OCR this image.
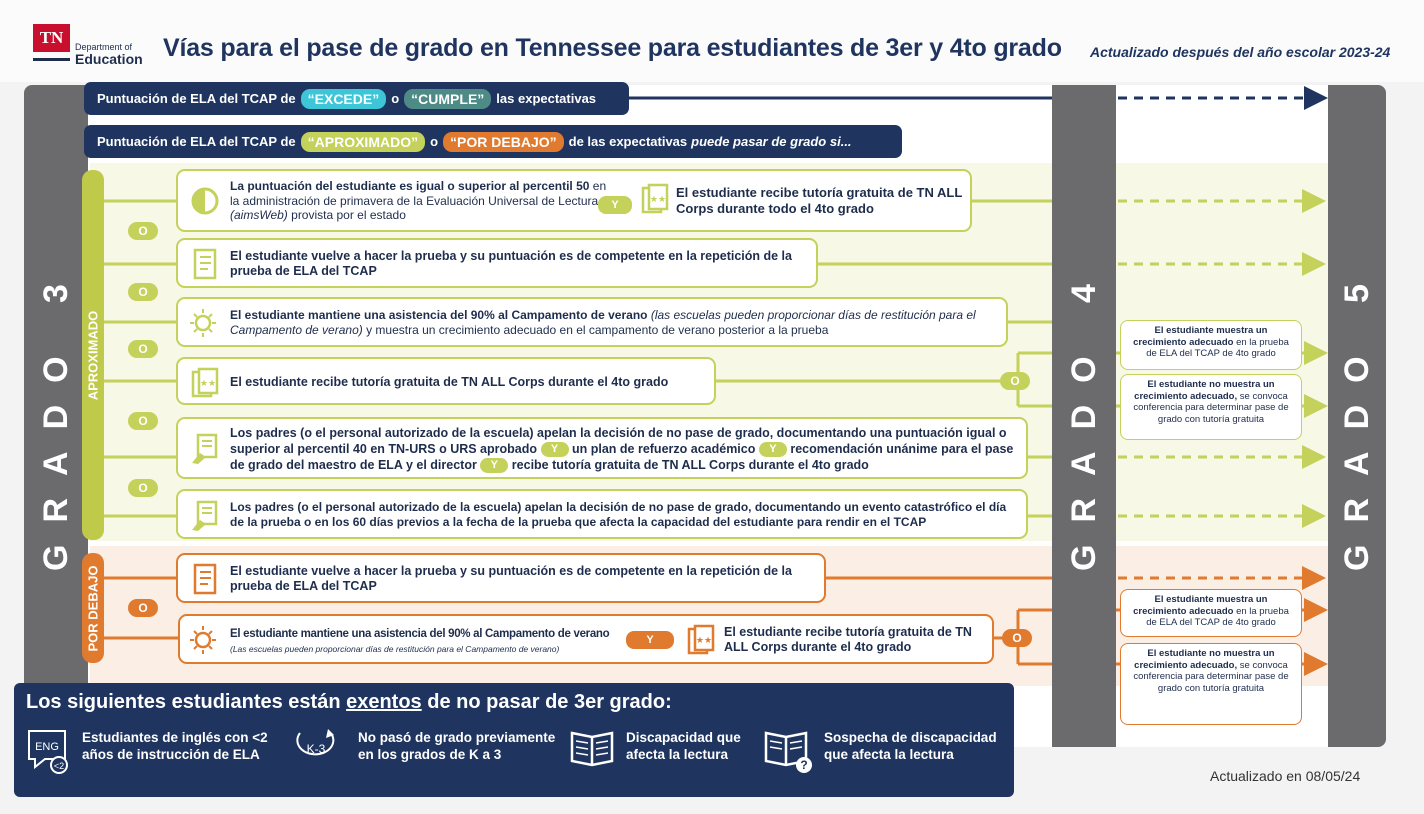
TN	Department of
Education Vías para el pase de grado en Tennessee para estudiantes de 3er y 4to grado Actualizado después del año escolar 2023-24
GRADO 3	GRADO 4	GRADO 5
APROXIMADO
POR DEBAJO
Puntuación de ELA del TCAP de “EXCEDE” o “CUMPLE” las expectativas
Puntuación de ELA del TCAP de “APROXIMADO” o “POR DEBAJO” de las expectativas puede pasar de grado si...
O
O
O
O
O
O
O
O
La puntuación del estudiante es igual o superior al percentil 50 en la administración de primavera de la Evaluación Universal de Lectura (aimsWeb) provista por el estado
Y	★★ El estudiante recibe tutoría gratuita de TN ALL Corps durante todo el 4to grado
El estudiante vuelve a hacer la prueba y su puntuación es de competente en la repetición de la prueba de ELA del TCAP
El estudiante mantiene una asistencia del 90% al Campamento de verano (las escuelas pueden proporcionar días de restitución para el Campamento de verano) y muestra un crecimiento adecuado en el campamento de verano posterior a la prueba
★★ El estudiante recibe tutoría gratuita de TN ALL Corps durante el 4to grado
Los padres (o el personal autorizado de la escuela) apelan la decisión de no pase de grado, documentando una puntuación igual o superior al percentil 40 en TN-URS o URS aprobado Y un plan de refuerzo académico Y recomendación unánime para el pase de grado del maestro de ELA y el director Y recibe tutoría gratuita de TN ALL Corps durante el 4to grado
Los padres (o el personal autorizado de la escuela) apelan la decisión de no pase de grado, documentando un evento catastrófico el día de la prueba o en los 60 días previos a la fecha de la prueba que afecta la capacidad del estudiante para rendir en el TCAP
El estudiante muestra un crecimiento adecuado en la prueba de ELA del TCAP de 4to grado
El estudiante no muestra un crecimiento adecuado, se convoca conferencia para determinar pase de grado con tutoría gratuita
El estudiante vuelve a hacer la prueba y su puntuación es de competente en la repetición de la prueba de ELA del TCAP
El estudiante mantiene una asistencia del 90% al Campamento de verano
(Las escuelas pueden proporcionar días de restitución para el Campamento de verano)
Y	★★
El estudiante recibe tutoría gratuita de TN ALL Corps durante el 4to grado
El estudiante muestra un crecimiento adecuado en la prueba de ELA del TCAP de 4to grado
El estudiante no muestra un crecimiento adecuado, se convoca conferencia para determinar pase de grado con tutoría gratuita
Los siguientes estudiantes están exentos de no pasar de 3er grado:
ENG
<2
Estudiantes de inglés con <2 años de instrucción de ELA	K-3
No pasó de grado previamente en los grados de K a 3
Discapacidad que afecta la lectura
?
Sospecha de discapacidad que afecta la lectura
Actualizado en 08/05/24
